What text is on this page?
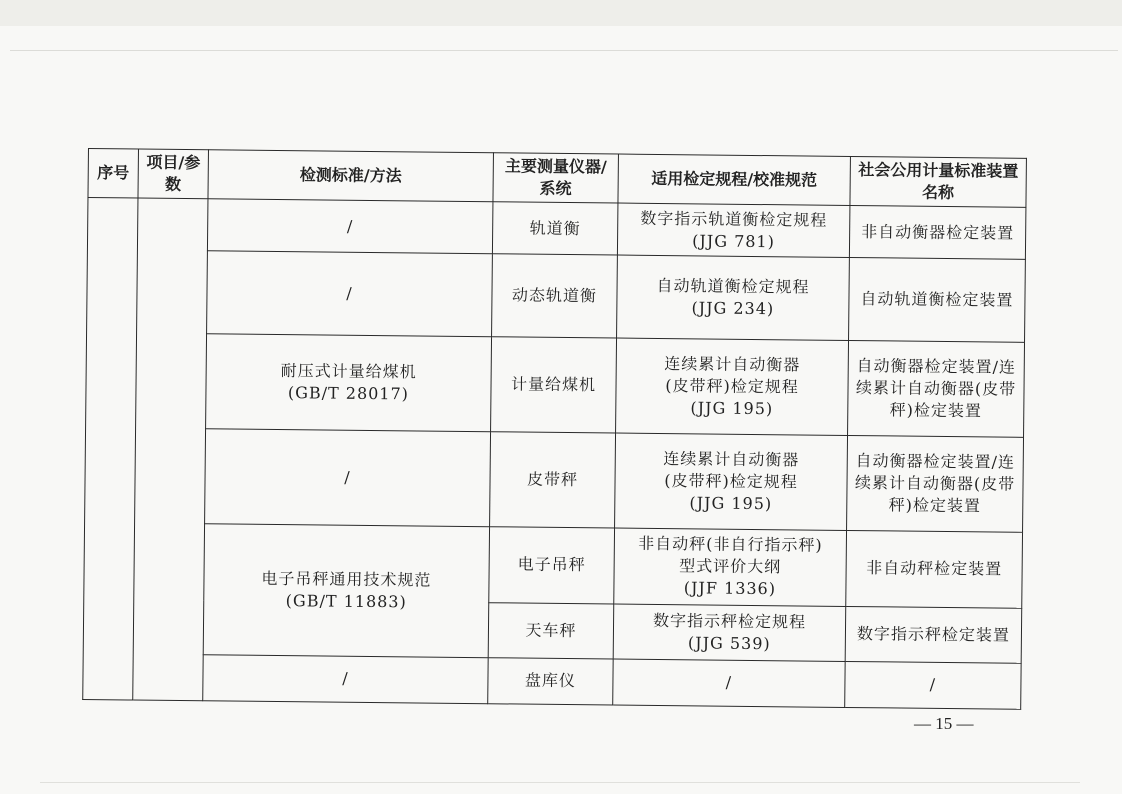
序号	项目/参数	检测标准/方法	主要测量仪器/系统	适用检定规程/校准规范	社会公用计量标准装置名称
		/	轨道衡	数字指示轨道衡检定规程
(JJG 781)	非自动衡器检定装置
		/	动态轨道衡	自动轨道衡检定规程
(JJG 234)	自动轨道衡检定装置
		耐压式计量给煤机
(GB/T 28017)	计量给煤机	连续累计自动衡器
(皮带秤)检定规程
(JJG 195)	自动衡器检定装置/连续累计自动衡器(皮带秤)检定装置
		/	皮带秤	连续累计自动衡器
(皮带秤)检定规程
(JJG 195)	自动衡器检定装置/连续累计自动衡器(皮带秤)检定装置
		电子吊秤通用技术规范
(GB/T 11883)	电子吊秤	非自动秤(非自行指示秤)
型式评价大纲
(JJF 1336)	非自动秤检定装置
			天车秤	数字指示秤检定规程
(JJG 539)	数字指示秤检定装置
		/	盘库仪	/	/
— 15 —
